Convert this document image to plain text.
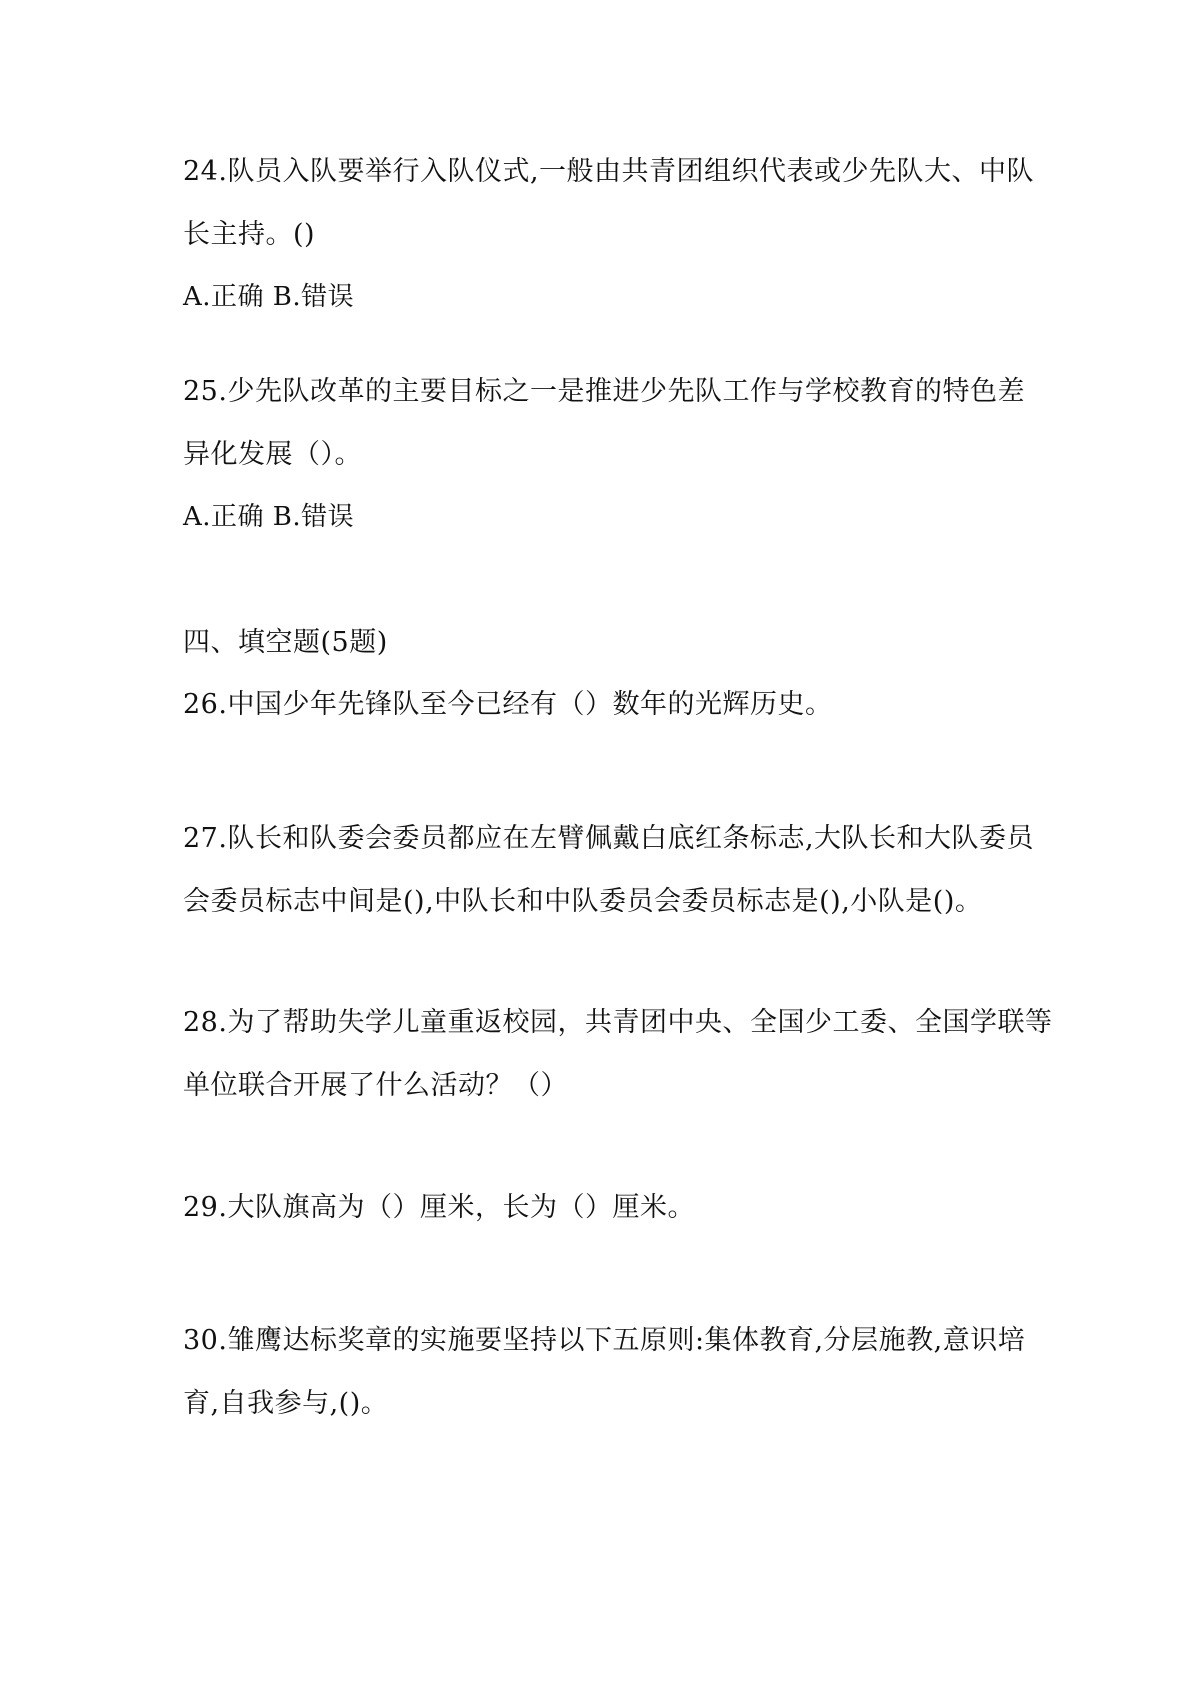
24.队员入队要举行入队仪式,一般由共青团组织代表或少先队大、中队
长主持。()
A.正确 B.错误
25.少先队改革的主要目标之一是推进少先队工作与学校教育的特色差
异化发展（）。
A.正确 B.错误
四、填空题(5题)
26.中国少年先锋队至今已经有（）数年的光辉历史。
27.队长和队委会委员都应在左臂佩戴白底红条标志,大队长和大队委员
会委员标志中间是(),中队长和中队委员会委员标志是(),小队是()。
28.为了帮助失学儿童重返校园，共青团中央、全国少工委、全国学联等
单位联合开展了什么活动？（）
29.大队旗高为（）厘米，长为（）厘米。
30.雏鹰达标奖章的实施要坚持以下五原则:集体教育,分层施教,意识培
育,自我参与,()。
